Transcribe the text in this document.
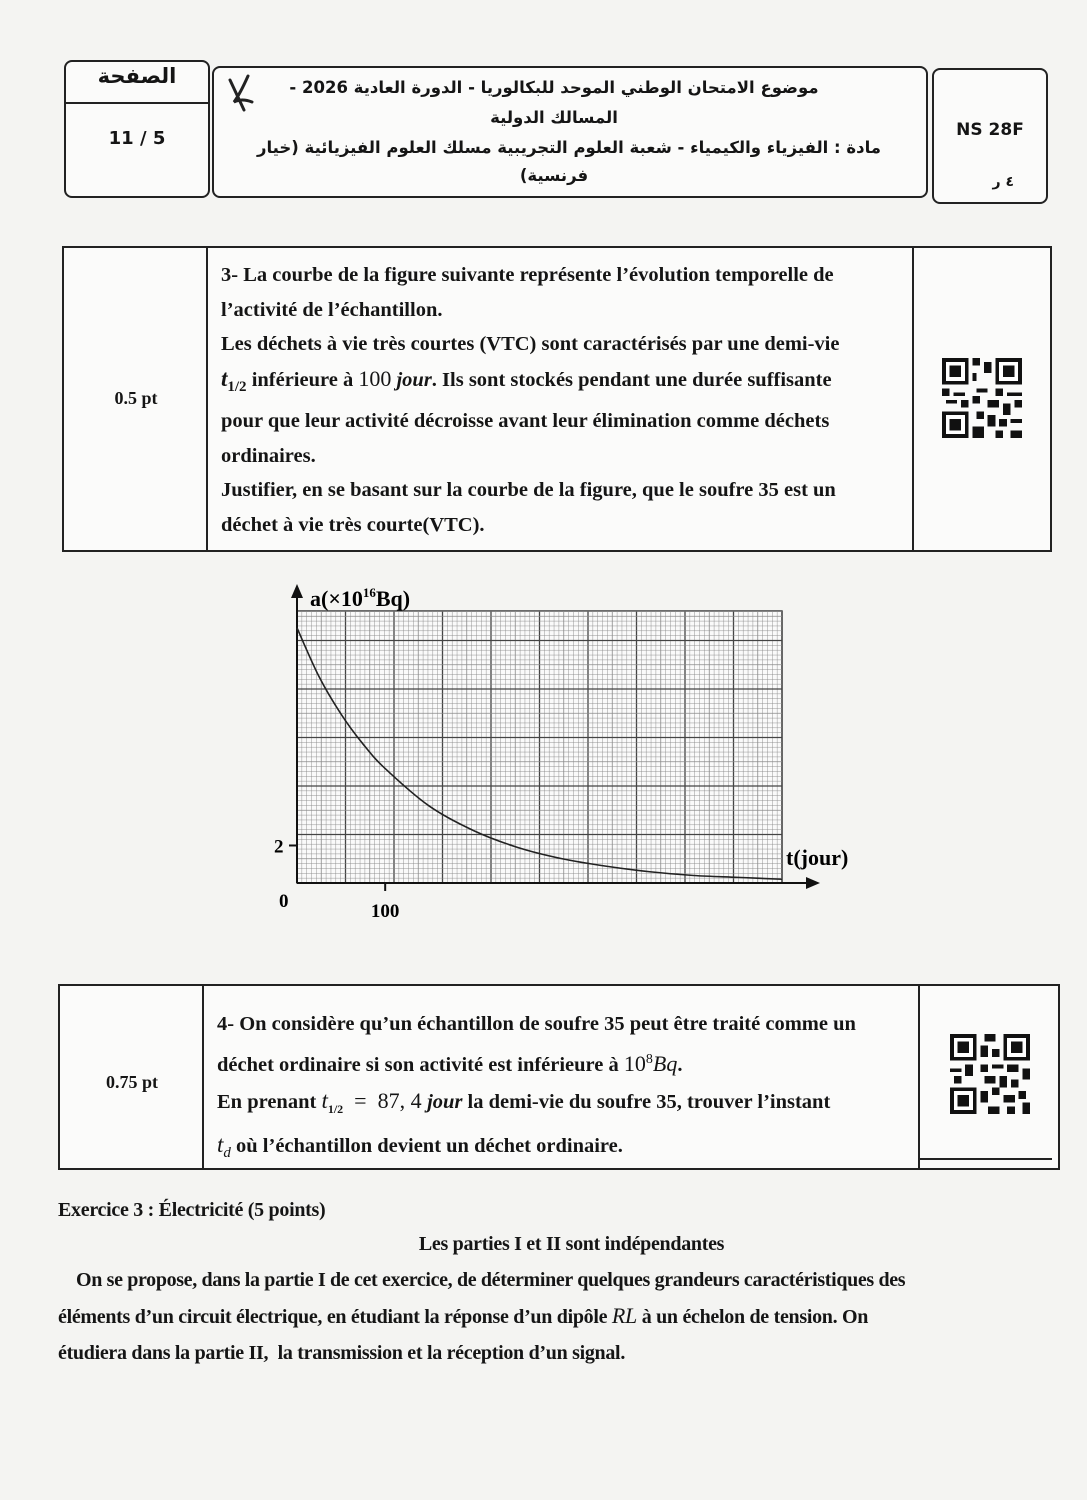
الصفحة
11 / 5
موضوع الامتحان الوطني الموحد للبكالوريا - الدورة العادية 2026 -
المسالك الدولية
مادة : الفيزياء والكيمياء - شعبة العلوم التجريبية مسلك العلوم الفيزيائية (خيار
فرنسية)
NS 28F
٤ ر
0.5 pt
3- La courbe de la figure suivante représente l’évolution temporelle de
l’activité de l’échantillon.
Les déchets à vie très courtes (VTC) sont caractérisés par une demi-vie
$t_{1/2}$ inférieure à 100 jour. Ils sont stockés pendant une durée suffisante
pour que leur activité décroisse avant leur élimination comme déchets
ordinaires.
Justifier, en se basant sur la courbe de la figure, que le soufre 35 est un
déchet à vie très courte(VTC).
$a(\times 10^{16}Bq)$
t(jour)
0	100
2
0.75 pt
4- On considère qu’un échantillon de soufre 35 peut être traité comme un
déchet ordinaire si son activité est inférieure à $10^8Bq$.
En prenant $t_{1/2} = 87$, 4 jour la demi-vie du soufre 35, trouver l’instant
$t_d$ où l’échantillon devient un déchet ordinaire.
Exercice 3 : Électricité (5 points)
Les parties I et II sont indépendantes
On se propose, dans la partie I de cet exercice, de déterminer quelques grandeurs caractéristiques des
éléments d’un circuit électrique, en étudiant la réponse d’un dipôle RL à un échelon de tension. On
étudiera dans la partie II,  la transmission et la réception d’un signal.
